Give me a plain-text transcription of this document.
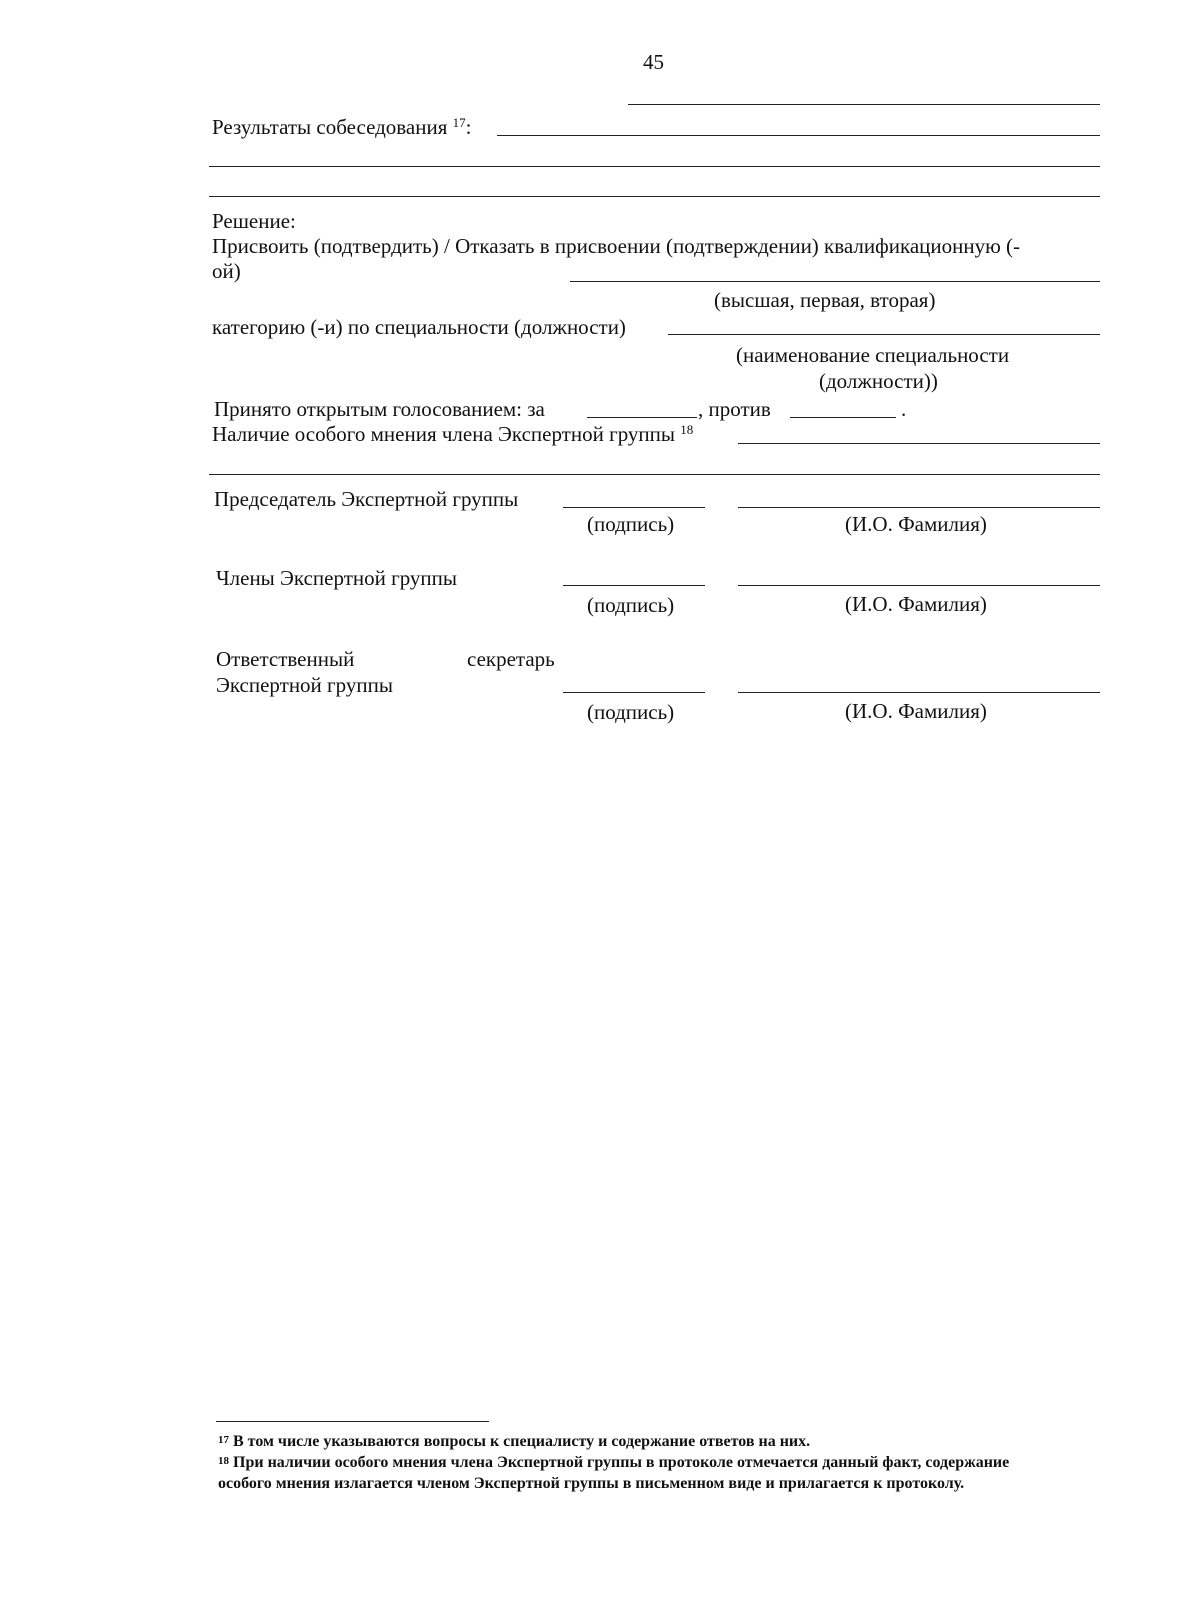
45
Результаты собеседования $^{17}$:
Решение:
Присвоить (подтвердить) / Отказать в присвоении (подтверждении) квалификационную (-
ой)
(высшая, первая, вторая)
категорию (-и) по специальности (должности)
(наименование специальности
(должности))
Принято открытым голосованием: за	, против	.
Наличие особого мнения члена Экспертной группы $^{18}$
Председатель Экспертной группы
(подпись)	(И.О. Фамилия)
Члены Экспертной группы
(подпись)	(И.О. Фамилия)
Ответственный	секретарь
Экспертной группы
(подпись)	(И.О. Фамилия)
$^{17}$ В том числе указываются вопросы к специалисту и содержание ответов на них.
$^{18}$ При наличии особого мнения члена Экспертной группы в протоколе отмечается данный факт, содержание
особого мнения излагается членом Экспертной группы в письменном виде и прилагается к протоколу.
